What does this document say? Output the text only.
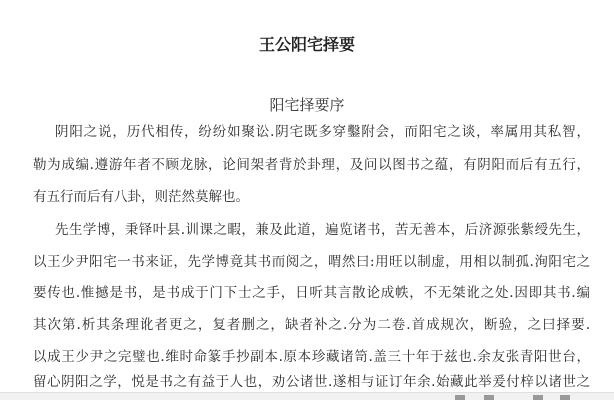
王公阳宅择要
阳宅择要序
阴阳之说，历代相传，纷纷如聚讼.阴宅既多穿鑿附会，而阳宅之谈，率属用其私智，
勒为成编.遵游年者不顾龙脉，论间架者背於卦理，及问以图书之蕴，有阴阳而后有五行，
有五行而后有八卦，则茫然莫解也。
先生学博，秉铎叶县.训课之暇，兼及此道，遍览诸书，苦无善本，后济源张紫绶先生，
以王少尹阳宅一书来证，先学博竟其书而阅之，喟然曰:用旺以制虚，用相以制孤.洵阳宅之
要传也.惟撼是书，是书成于门下士之手，日听其言散论成帙，不无桀讹之处.因即其书.编
其次第.析其条理讹者更之，复者删之，缺者补之.分为二卷.首成规次，断验，之曰择要.
以成王少尹之完璧也.维时命篆手抄副本.原本珍藏诸笥.盖三十年于兹也.余友张青阳世台，
留心阴阳之学，悦是书之有益于人也，劝公诸世.遂相与证订年余.始藏此举爰付梓以诸世之
